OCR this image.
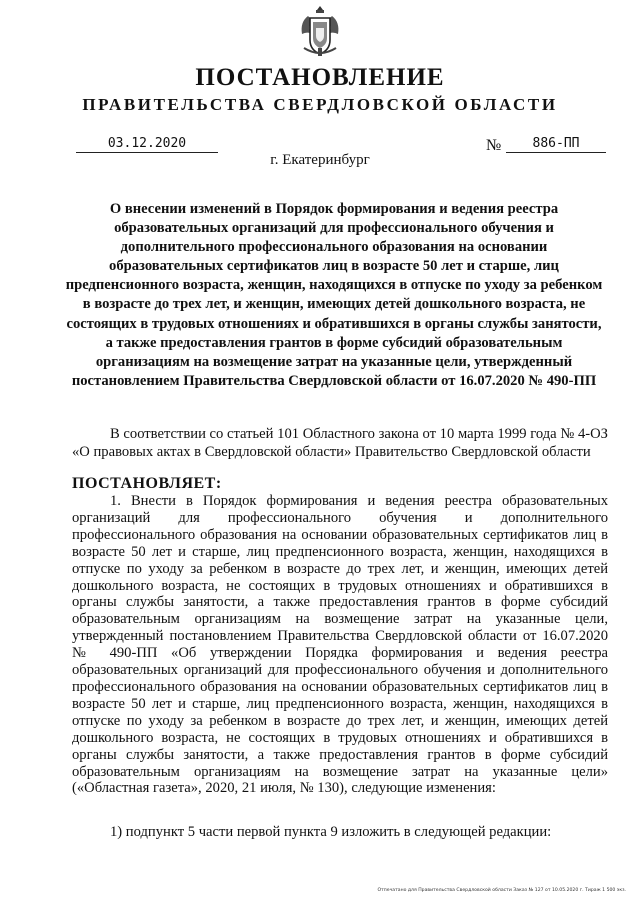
ПОСТАНОВЛЕНИЕ
ПРАВИТЕЛЬСТВА СВЕРДЛОВСКОЙ ОБЛАСТИ
03.12.2020	№	886-ПП
г. Екатеринбург
О внесении изменений в Порядок формирования и ведения реестра образовательных организаций для профессионального обучения и дополнительного профессионального образования на основании образовательных сертификатов лиц в возрасте 50 лет и старше, лиц предпенсионного возраста, женщин, находящихся в отпуске по уходу за ребенком в возрасте до трех лет, и женщин, имеющих детей дошкольного возраста, не состоящих в трудовых отношениях и обратившихся в органы службы занятости, а также предоставления грантов в форме субсидий образовательным организациям на возмещение затрат на указанные цели, утвержденный постановлением Правительства Свердловской области от 16.07.2020 № 490-ПП
В соответствии со статьей 101 Областного закона от 10 марта 1999 года № 4-ОЗ «О правовых актах в Свердловской области» Правительство Свердловской области
ПОСТАНОВЛЯЕТ:
1. Внести в Порядок формирования и ведения реестра образовательных организаций для профессионального обучения и дополнительного профессионального образования на основании образовательных сертификатов лиц в возрасте 50 лет и старше, лиц предпенсионного возраста, женщин, находящихся в отпуске по уходу за ребенком в возрасте до трех лет, и женщин, имеющих детей дошкольного возраста, не состоящих в трудовых отношениях и обратившихся в органы службы занятости, а также предоставления грантов в форме субсидий образовательным организациям на возмещение затрат на указанные цели, утвержденный постановлением Правительства Свердловской области от 16.07.2020 № 490-ПП «Об утверждении Порядка формирования и ведения реестра образовательных организаций для профессионального обучения и дополнительного профессионального образования на основании образовательных сертификатов лиц в возрасте 50 лет и старше, лиц предпенсионного возраста, женщин, находящихся в отпуске по уходу за ребенком в возрасте до трех лет, и женщин, имеющих детей дошкольного возраста, не состоящих в трудовых отношениях и обратившихся в органы службы занятости, а также предоставления грантов в форме субсидий образовательным организациям на возмещение затрат на указанные цели» («Областная газета», 2020, 21 июля, № 130), следующие изменения:
1) подпункт 5 части первой пункта 9 изложить в следующей редакции:
Отпечатано для Правительства Свердловской области Заказ № 127 от 10.05.2020 г. Тираж 1 500 экз.
